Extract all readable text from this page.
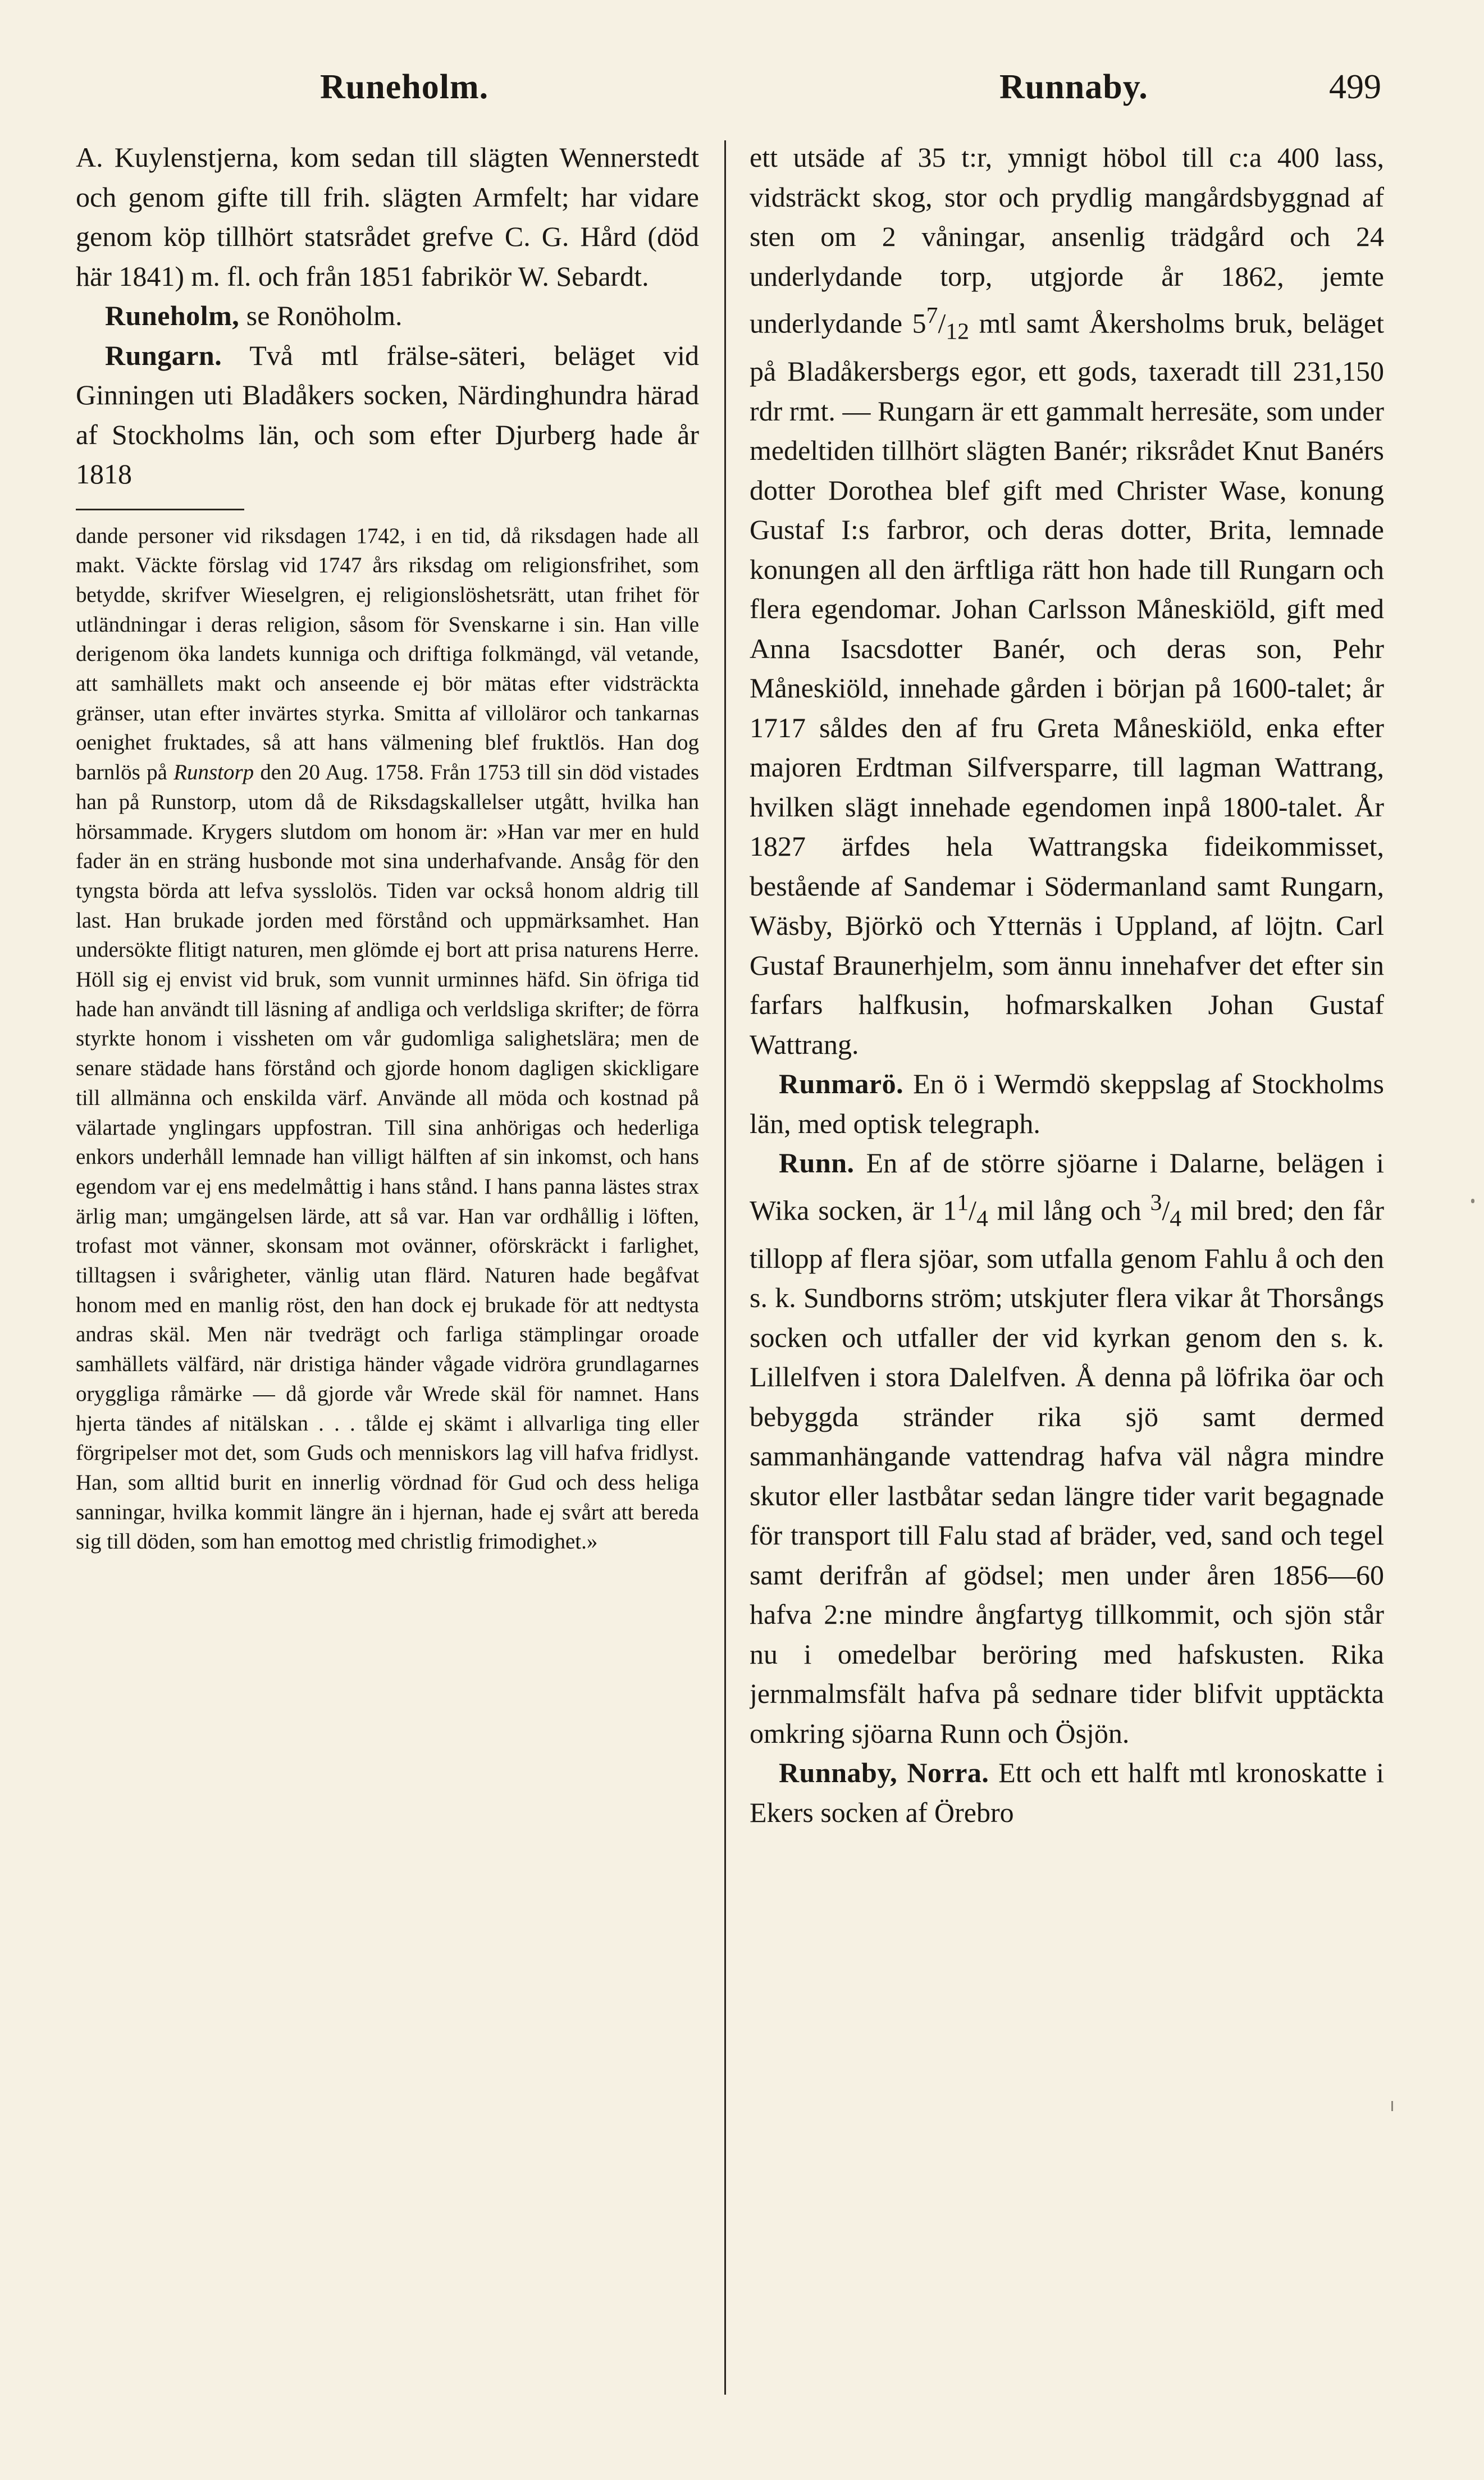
Runeholm.	Runnaby.	499

A. Kuylenstjerna, kom sedan till slägten Wennerstedt och genom gifte till frih. slägten Armfelt; har vidare genom köp tillhört statsrådet grefve C. G. Hård (död här 1841) m. fl. och från 1851 fabrikör W. Sebardt.

Runeholm, se Ronöholm.

Rungarn. Två mtl frälse-säteri, beläget vid Ginningen uti Bladåkers socken, Närdinghundra härad af Stockholms län, och som efter Djurberg hade år 1818

dande personer vid riksdagen 1742, i en tid, då riksdagen hade all makt. Väckte förslag vid 1747 års riksdag om religionsfrihet, som betydde, skrifver Wieselgren, ej religionslöshetsrätt, utan frihet för utländningar i deras religion, såsom för Svenskarne i sin. Han ville derigenom öka landets kunniga och driftiga folkmängd, väl vetande, att samhällets makt och anseende ej bör mätas efter vidsträckta gränser, utan efter invärtes styrka. Smitta af villoläror och tankarnas oenighet fruktades, så att hans välmening blef fruktlös. Han dog barnlös på Runstorp den 20 Aug. 1758. Från 1753 till sin död vistades han på Runstorp, utom då de Riksdagskallelser utgått, hvilka han hörsammade. Krygers slutdom om honom är: »Han var mer en huld fader än en sträng husbonde mot sina underhafvande. Ansåg för den tyngsta börda att lefva sysslolös. Tiden var också honom aldrig till last. Han brukade jorden med förstånd och uppmärksamhet. Han undersökte flitigt naturen, men glömde ej bort att prisa naturens Herre. Höll sig ej envist vid bruk, som vunnit urminnes häfd. Sin öfriga tid hade han användt till läsning af andliga och verldsliga skrifter; de förra styrkte honom i vissheten om vår gudomliga salighetslära; men de senare städade hans förstånd och gjorde honom dagligen skickligare till allmänna och enskilda värf. Använde all möda och kostnad på välartade ynglingars uppfostran. Till sina anhörigas och hederliga enkors underhåll lemnade han villigt hälften af sin inkomst, och hans egendom var ej ens medelmåttig i hans stånd. I hans panna lästes strax ärlig man; umgängelsen lärde, att så var. Han var ordhållig i löften, trofast mot vänner, skonsam mot ovänner, oförskräckt i farlighet, tilltagsen i svårigheter, vänlig utan flärd. Naturen hade begåfvat honom med en manlig röst, den han dock ej brukade för att nedtysta andras skäl. Men när tvedrägt och farliga stämplingar oroade samhällets välfärd, när dristiga händer vågade vidröra grundlagarnes oryggliga råmärke — då gjorde vår Wrede skäl för namnet. Hans hjerta tändes af nitälskan . . . tålde ej skämt i allvarliga ting eller förgripelser mot det, som Guds och menniskors lag vill hafva fridlyst. Han, som alltid burit en innerlig vördnad för Gud och dess heliga sanningar, hvilka kommit längre än i hjernan, hade ej svårt att bereda sig till döden, som han emottog med christlig frimodighet.»

ett utsäde af 35 t:r, ymnigt höbol till c:a 400 lass, vidsträckt skog, stor och prydlig mangårdsbyggnad af sten om 2 våningar, ansenlig trädgård och 24 underlydande torp, utgjorde år 1862, jemte underlydande $5^7/_{12}$ mtl samt Åkersholms bruk, beläget på Bladåkersbergs egor, ett gods, taxeradt till 231,150 rdr rmt. — Rungarn är ett gammalt herresäte, som under medeltiden tillhört slägten Banér; riksrådet Knut Banérs dotter Dorothea blef gift med Christer Wase, konung Gustaf I:s farbror, och deras dotter, Brita, lemnade konungen all den ärftliga rätt hon hade till Rungarn och flera egendomar. Johan Carlsson Måneskiöld, gift med Anna Isacsdotter Banér, och deras son, Pehr Måneskiöld, innehade gården i början på 1600-talet; år 1717 såldes den af fru Greta Måneskiöld, enka efter majoren Erdtman Silfversparre, till lagman Wattrang, hvilken slägt innehade egendomen inpå 1800-talet. År 1827 ärfdes hela Wattrangska fideikommisset, bestående af Sandemar i Södermanland samt Rungarn, Wäsby, Björkö och Ytternäs i Uppland, af löjtn. Carl Gustaf Braunerhjelm, som ännu innehafver det efter sin farfars halfkusin, hofmarskalken Johan Gustaf Wattrang.

Runmarö. En ö i Wermdö skeppslag af Stockholms län, med optisk telegraph.

Runn. En af de större sjöarne i Dalarne, belägen i Wika socken, är $1^1/_4$ mil lång och $^3/_4$ mil bred; den får tillopp af flera sjöar, som utfalla genom Fahlu å och den s. k. Sundborns ström; utskjuter flera vikar åt Thorsångs socken och utfaller der vid kyrkan genom den s. k. Lillelfven i stora Dalelfven. Å denna på löfrika öar och bebyggda stränder rika sjö samt dermed sammanhängande vattendrag hafva väl några mindre skutor eller lastbåtar sedan längre tider varit begagnade för transport till Falu stad af bräder, ved, sand och tegel samt derifrån af gödsel; men under åren 1856—60 hafva 2:ne mindre ångfartyg tillkommit, och sjön står nu i omedelbar beröring med hafskusten. Rika jernmalmsfält hafva på sednare tider blifvit upptäckta omkring sjöarna Runn och Ösjön.

Runnaby, Norra. Ett och ett halft mtl kronoskatte i Ekers socken af Örebro
